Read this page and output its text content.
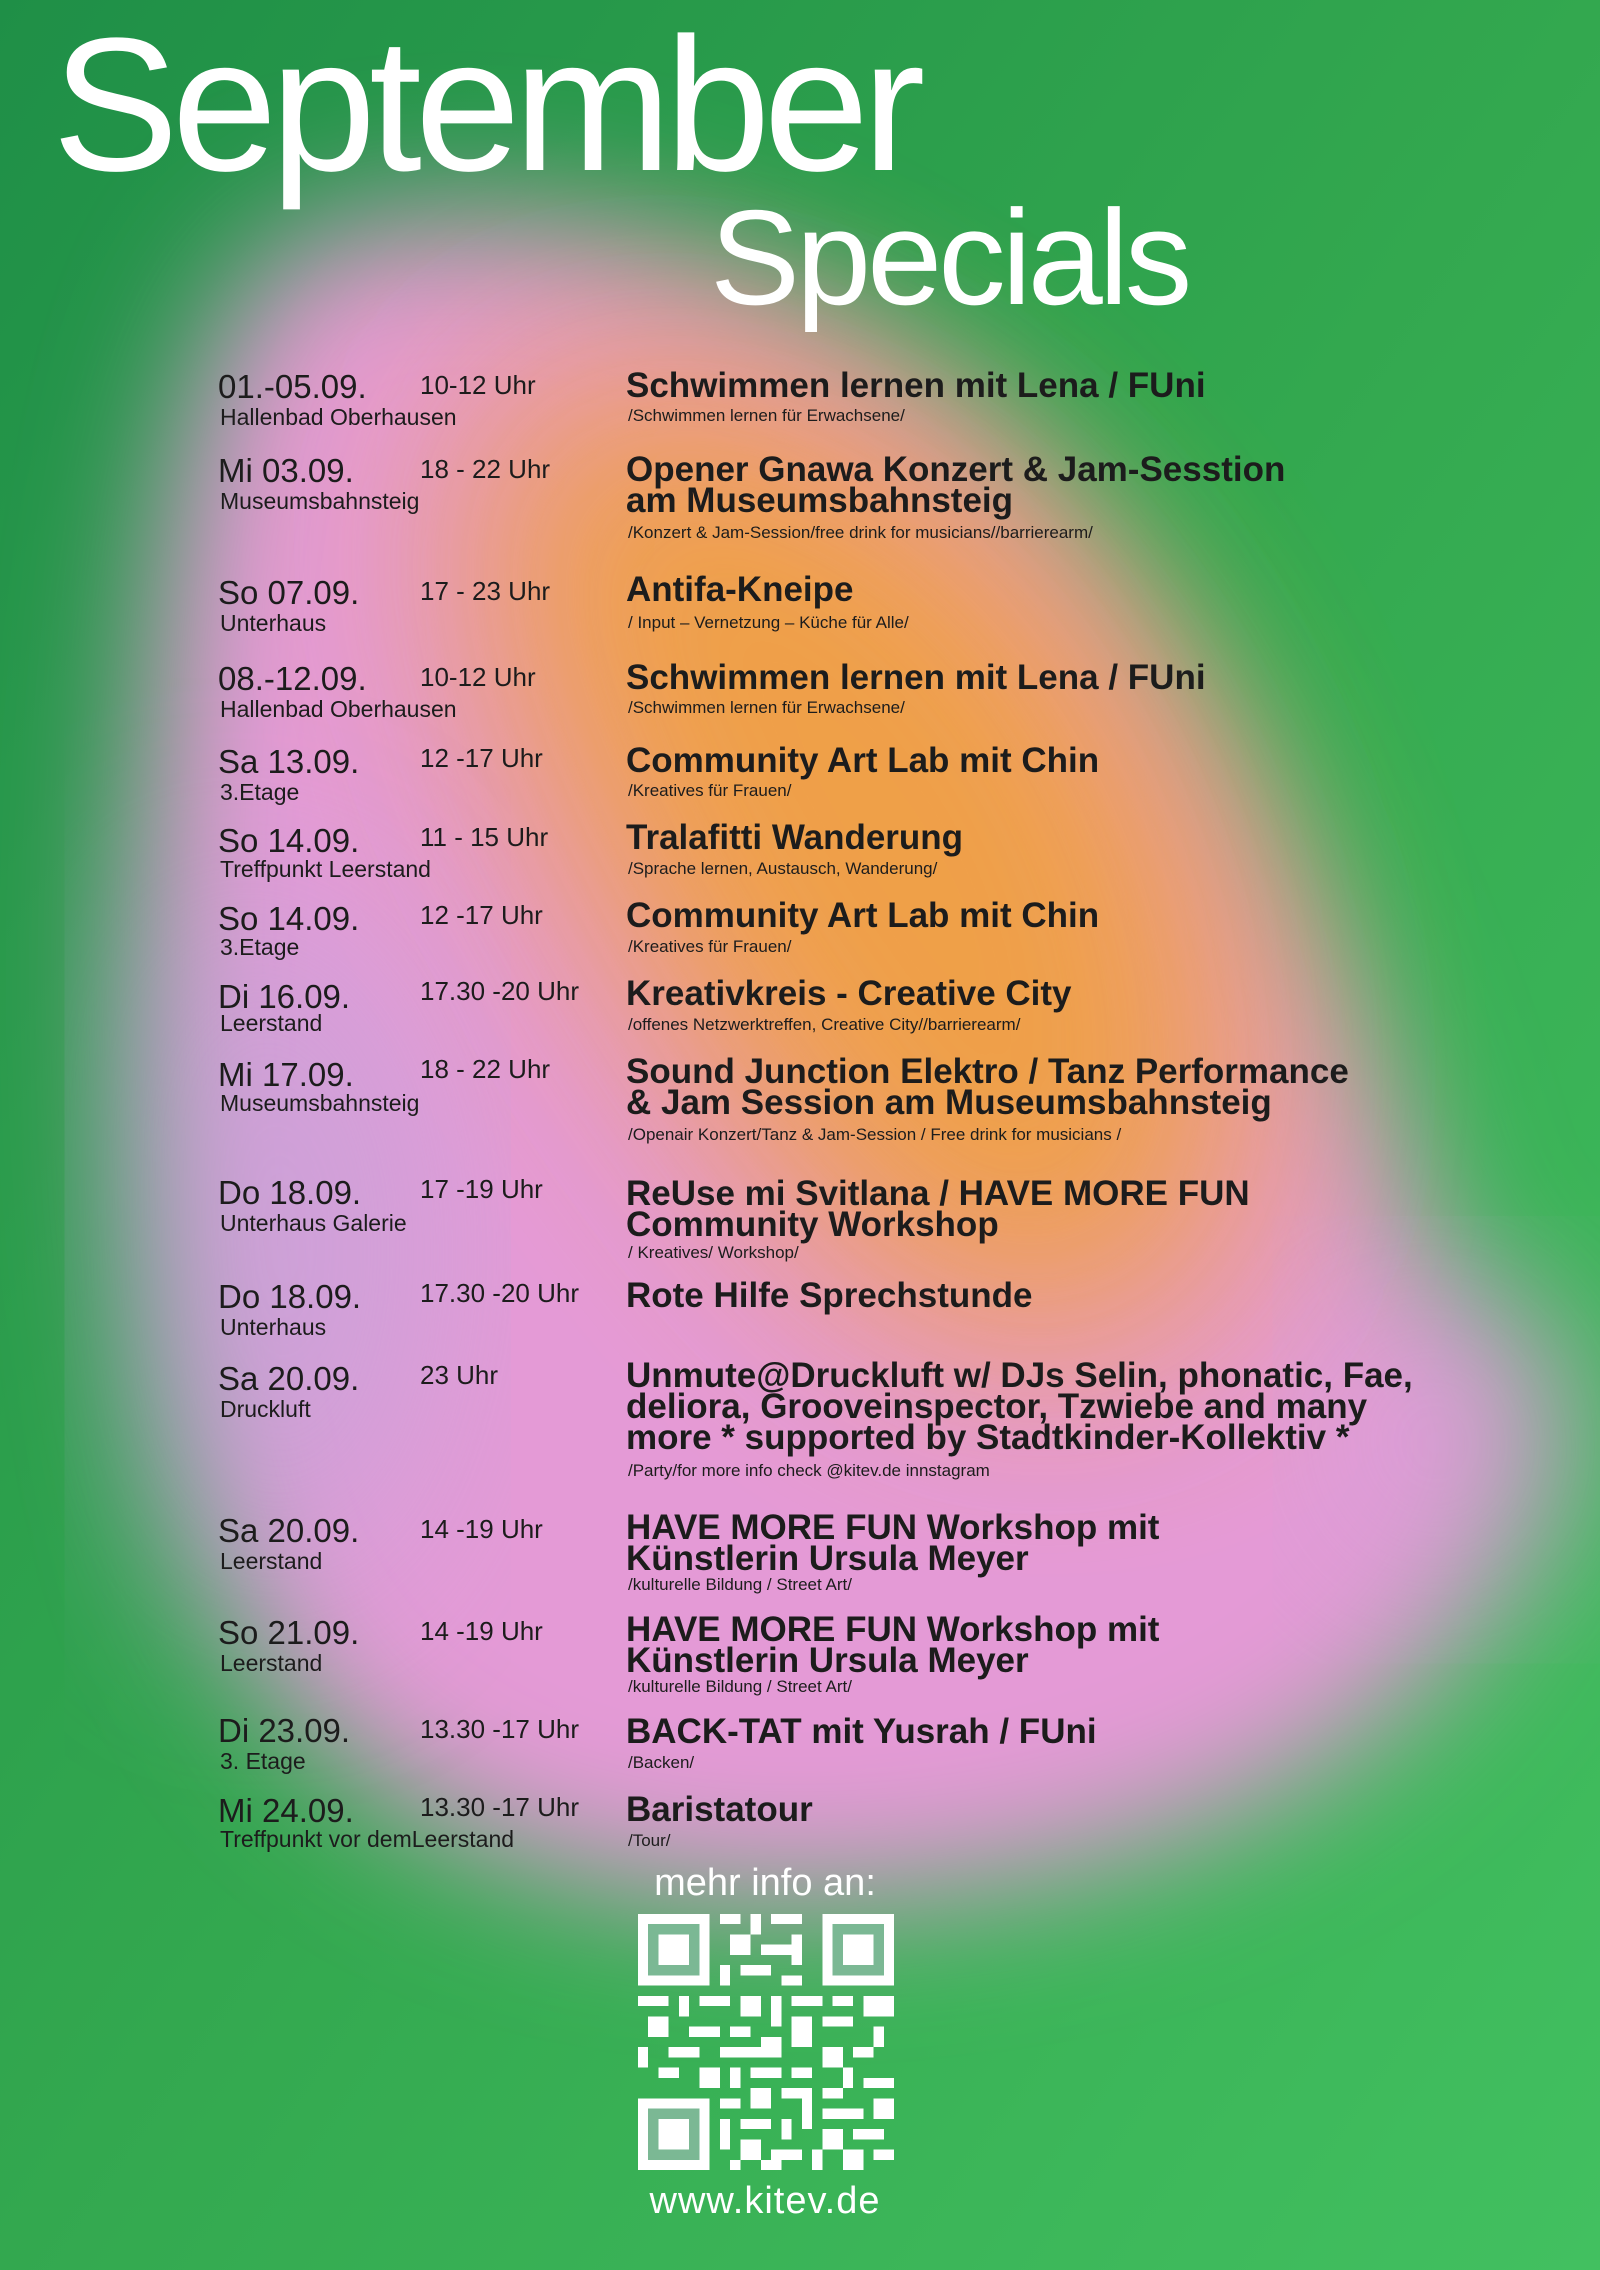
September
Specials
01.-05.09. 10-12 Uhr
Hallenbad Oberhausen
Schwimmen lernen mit Lena / FUni
/Schwimmen lernen für Erwachsene/
Mi 03.09.	18 - 22 Uhr
Museumsbahnsteig
Opener Gnawa Konzert & Jam-Sesstion
am Museumsbahnsteig
/Konzert & Jam-Session/free drink for musicians//barrierearm/
So 07.09. 17 - 23 Uhr
Unterhaus
Antifa-Kneipe
/ Input – Vernetzung – Küche für Alle/
08.-12.09. 10-12 Uhr
Hallenbad Oberhausen
Schwimmen lernen mit Lena / FUni
/Schwimmen lernen für Erwachsene/
Sa 13.09. 12 -17 Uhr
3.Etage
Community Art Lab mit Chin
/Kreatives für Frauen/
So 14.09. 11 - 15 Uhr
Treffpunkt Leerstand
Tralafitti Wanderung
/Sprache lernen, Austausch, Wanderung/
So 14.09. 12 -17 Uhr
3.Etage
Community Art Lab mit Chin
/Kreatives für Frauen/
Di 16.09.	17.30 -20 Uhr
Leerstand
Kreativkreis - Creative City
/offenes Netzwerktreffen, Creative City//barrierearm/
Mi 17.09.	18 - 22 Uhr
Museumsbahnsteig
Sound Junction Elektro / Tanz Performance
& Jam Session am Museumsbahnsteig
/Openair Konzert/Tanz & Jam-Session / Free drink for musicians /
Do 18.09. 17 -19 Uhr
Unterhaus Galerie
ReUse mi Svitlana / HAVE MORE FUN
Community Workshop
/ Kreatives/ Workshop/
Do 18.09. 17.30 -20 Uhr
Unterhaus
Rote Hilfe Sprechstunde
Sa 20.09. 23 Uhr
Druckluft
Unmute@Druckluft w/ DJs Selin, phonatic, Fae,
deliora, Grooveinspector, Tzwiebe and many
more * supported by Stadtkinder-Kollektiv *
/Party/for more info check @kitev.de innstagram
Sa 20.09. 14 -19 Uhr
Leerstand
HAVE MORE FUN Workshop mit
Künstlerin Ursula Meyer
/kulturelle Bildung / Street Art/
So 21.09. 14 -19 Uhr
Leerstand
HAVE MORE FUN Workshop mit
Künstlerin Ursula Meyer
/kulturelle Bildung / Street Art/
Di 23.09.	13.30 -17 Uhr
3. Etage
BACK-TAT mit Yusrah / FUni
/Backen/
Mi 24.09.	13.30 -17 Uhr
Treffpunkt vor demLeerstand
Baristatour
/Tour/

mehr info an:

www.kitev.de
